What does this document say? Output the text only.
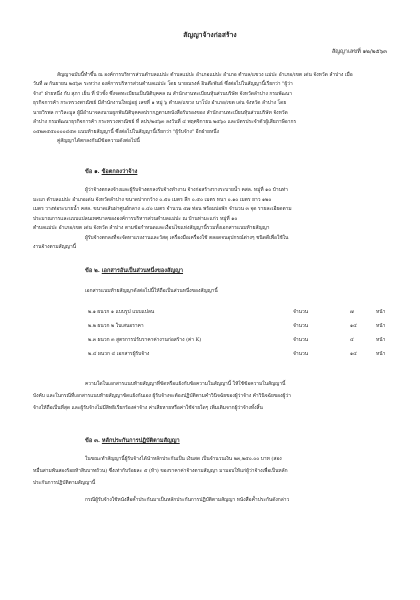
สัญญาจ้างก่อสร้าง
สัญญาเลขที่ ๑๒/๒๕๖๓

สัญญาฉบับนี้ทำขึ้น ณ องค์การบริหารส่วนตำบลแม่ปะ ตำบลแม่ปะ อำเภอแม่ปะ อำเภอ ตำบล/แขวง แม่ปะ อำเภอ/เขต เด่น จังหวัด ลำปาง เมื่อ

วันที่ ๗ กันยายน ๒๕๖๓ ระหว่าง องค์การบริหารส่วนตำบลแม่ปะ โดย นายณรงค์ อินต๊ะพันธ์ ซึ่งต่อไปในสัญญานี้เรียกว่า "ผู้ว่า

จ้าง" ฝ่ายหนึ่ง กับ สุภา เย็น ที่ บัวชั้ง ซึ่งจดทะเบียนเป็นนิติบุคคล ณ สำนักงานทะเบียนหุ้นส่วนบริษัท จังหวัดลำปาง กรมพัฒนา

ธุรกิจการค้า กระทรวงพาณิชย์ มีสำนักงานใหญ่อยู่ เลขที่ ๑ หมู่ ๖ ตำบล/แขวง นาโป่ง อำเภอ/เขต เด่น จังหวัด ลำปาง โดย

นายวิรพล กาวิละมูล ผู้มีอำนาจลงนามผูกพันนิติบุคคลปรากฏตามหนังสือรับรองของ สำนักงานทะเบียนหุ้นส่วนบริษัท จังหวัด

ลำปาง กรมพัฒนาธุรกิจการค้า กระทรวงพาณิชย์ ที่ ลปร/๒๕๖๓ ลงวันที่ ๔ พฤศจิกายน ๒๕๖๐ และบัตรประจำตัวผู้เสียภาษีอากร

๐๕๒๓๕๕๐๐๐๐๔๕๓ แนบท้ายสัญญานี้ ซึ่งต่อไปในสัญญานี้เรียกว่า "ผู้รับจ้าง" อีกฝ่ายหนึ่ง

คู่สัญญาได้ตกลงกันมีข้อความดังต่อไปนี้

ข้อ ๑. ข้อตกลงว่าจ้าง

ผู้ว่าจ้างตกลงจ้างและผู้รับจ้างตกลงรับจ้างทำงาน จ้างก่อสร้างรางระบายน้ำ คสล. หมู่ที่ ๑๐ บ้านท่า

มะแก ตำบลแม่ปะ อำเภอเด่น จังหวัดลำปาง ขนาดปากกว้าง ๐.๕๐ เมตร ลึก ๐.๕๐ เมตร หนา ๐.๑๐ เมตร ยาว ๑๒๐

เมตร วางท่อระบายน้ำ คสล. ขนาดเส้นผ่าศูนย์กลาง ๐.๔๐ เมตร จำนวน ๕๗ ท่อน พร้อมบ่อพัก จำนวน ๓ จุด รายละเอียดตาม

ประมาณการและแบบแปลนเทศบาลขององค์การบริหารส่วนตำบลแม่ปะ ณ บ้านท่ามะแก่ว หมู่ที่ ๑๐

ตำบลแม่ปะ อำเภอ/เขต เด่น จังหวัด ลำปาง ตามข้อกำหนดและเงื่อนไขแห่งสัญญานี้รวมทั้งเอกสารแนบท้ายสัญญา

ผู้รับจ้างตกลงที่จะจัดหาแรงงานและวัสดุ เครื่องมือเครื่องใช้ ตลอดจนอุปกรณ์ต่างๆ ชนิดดีเพื่อใช้ใน

งานจ้างตามสัญญานี้

ข้อ ๒. เอกสารอันเป็นส่วนหนึ่งของสัญญา

เอกสารแนบท้ายสัญญาดังต่อไปนี้ให้ถือเป็นส่วนหนึ่งของสัญญานี้

๒.๑ ผนวก ๑ แบบรูป แบบแปลน	จำนวน	๗	หน้า
๒.๒ ผนวก ๒ ใบเสนอราคา	จำนวน	๑๔	หน้า
๒.๓ ผนวก ๓ สูตรการปรับราคาค่างานก่อสร้าง (ค่า K)	จำนวน	๔	หน้า
๒.๔ ผนวก ๔ เอกสารผู้รับจ้าง	จำนวน	๑๔	หน้า

ความใดในเอกสารแนบท้ายสัญญาที่ขัดหรือแย้งกับข้อความในสัญญานี้ ให้ใช้ข้อความในสัญญานี้

บังคับ และในกรณีที่เอกสารแนบท้ายสัญญาขัดแย้งกันเอง ผู้รับจ้างจะต้องปฏิบัติตามคำวินิจฉัยของผู้ว่าจ้าง คำวินิจฉัยของผู้ว่า

จ้างให้ถือเป็นที่สุด และผู้รับจ้างไม่มีสิทธิเรียกร้องค่าจ้าง ค่าเสียหายหรือค่าใช้จ่ายใดๆ เพิ่มเติมจากผู้ว่าจ้างทั้งสิ้น

ข้อ ๓. หลักประกันการปฏิบัติตามสัญญา

ในขณะทำสัญญานี้ผู้รับจ้างได้นำหลักประกันเป็น เงินสด เป็นจำนวนเงิน ๒๓,๒๕๐.๐๐ บาท (สอง

หมื่นสามพันสองร้อยห้าสิบบาทถ้วน) ซึ่งเท่ากับร้อยละ ๕ (ห้า) ของราคาค่าจ้างตามสัญญา มามอบให้แก่ผู้ว่าจ้างเพื่อเป็นหลัก

ประกันการปฏิบัติตามสัญญานี้

กรณีผู้รับจ้างใช้หนังสือค้ำประกันมาเป็นหลักประกันการปฏิบัติตามสัญญา หนังสือค้ำประกันดังกล่าว
